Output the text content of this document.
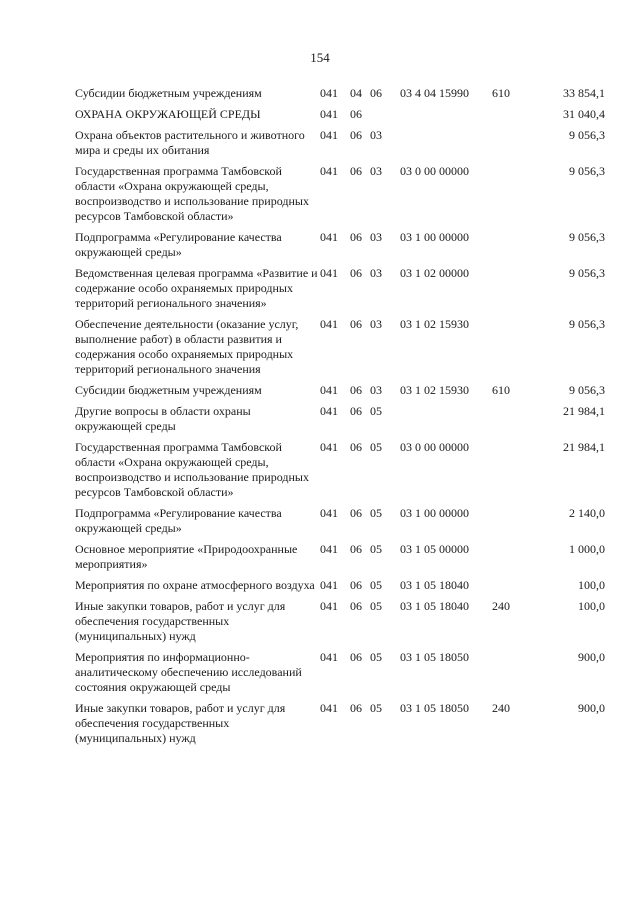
154
Субсидии бюджетным учреждениям	041	04	06	03 4 04 15990	610	33 854,1
ОХРАНА ОКРУЖАЮЩЕЙ СРЕДЫ	041	06				31 040,4
Охрана объектов растительного и животного мира и среды их обитания	041	06	03			9 056,3
Государственная программа Тамбовской области «Охрана окружающей среды, воспроизводство и использование природных ресурсов Тамбовской области»	041	06	03	03 0 00 00000		9 056,3
Подпрограмма «Регулирование качества окружающей среды»	041	06	03	03 1 00 00000		9 056,3
Ведомственная целевая программа «Развитие и содержание особо охраняемых природных территорий регионального значения»	041	06	03	03 1 02 00000		9 056,3
Обеспечение деятельности (оказание услуг, выполнение работ) в области развития и содержания особо охраняемых природных территорий регионального значения	041	06	03	03 1 02 15930		9 056,3
Субсидии бюджетным учреждениям	041	06	03	03 1 02 15930	610	9 056,3
Другие вопросы в области охраны окружающей среды	041	06	05			21 984,1
Государственная программа Тамбовской области «Охрана окружающей среды, воспроизводство и использование природных ресурсов Тамбовской области»	041	06	05	03 0 00 00000		21 984,1
Подпрограмма «Регулирование качества окружающей среды»	041	06	05	03 1 00 00000		2 140,0
Основное мероприятие «Природоохранные мероприятия»	041	06	05	03 1 05 00000		1 000,0
Мероприятия по охране атмосферного воздуха	041	06	05	03 1 05 18040		100,0
Иные закупки товаров, работ и услуг для обеспечения государственных (муниципальных) нужд	041	06	05	03 1 05 18040	240	100,0
Мероприятия по информационно-аналитическому обеспечению исследований состояния окружающей среды	041	06	05	03 1 05 18050		900,0
Иные закупки товаров, работ и услуг для обеспечения государственных (муниципальных) нужд	041	06	05	03 1 05 18050	240	900,0
